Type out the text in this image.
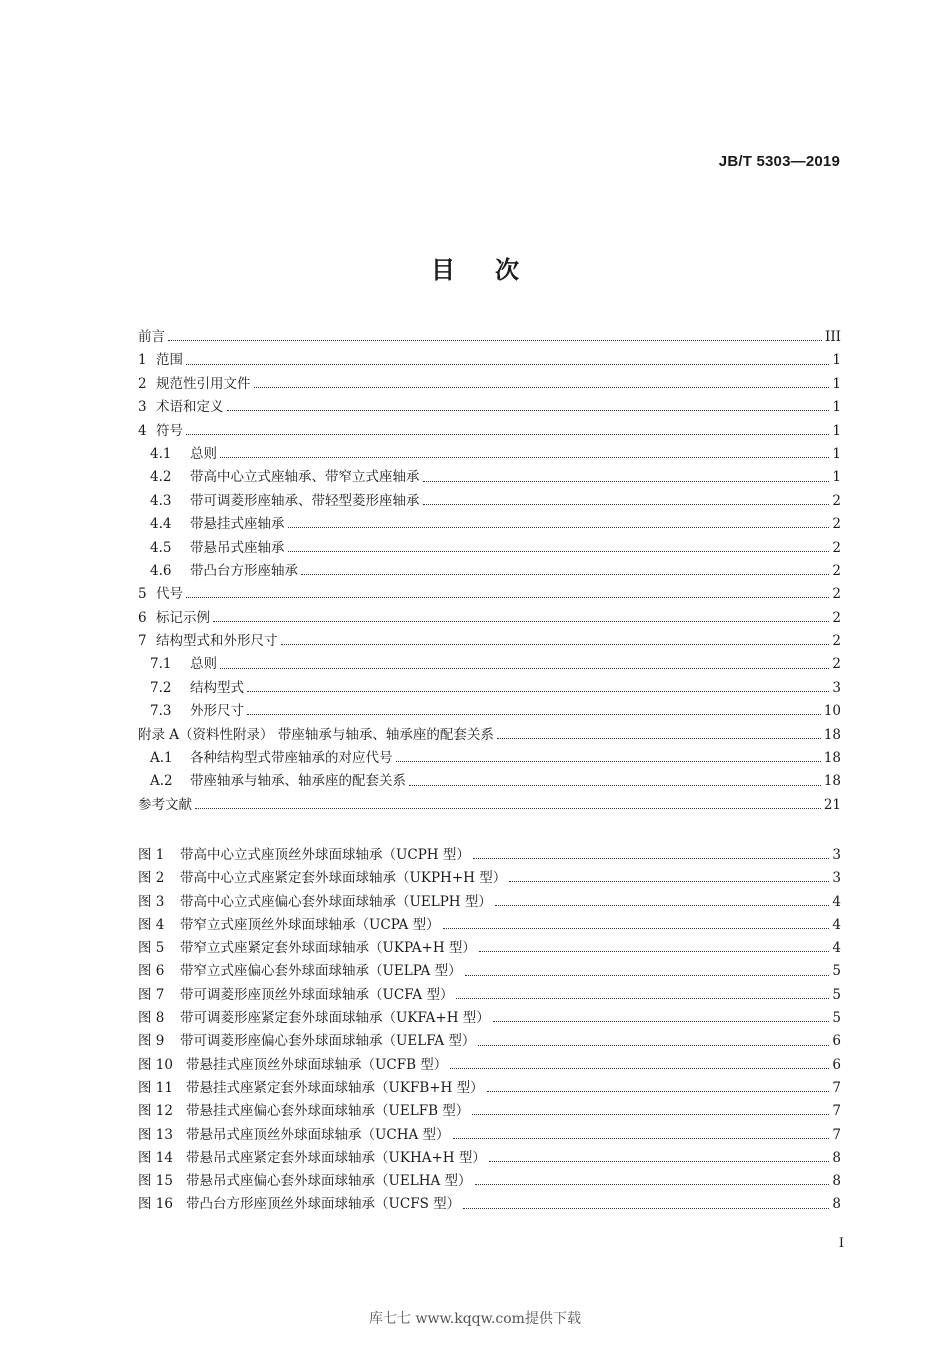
JB/T 5303—2019
目次
前言	III
1 范围	1
2 规范性引用文件	1
3 术语和定义	1
4 符号	1
4.1	总则	1
4.2	带高中心立式座轴承、带窄立式座轴承	1
4.3	带可调菱形座轴承、带轻型菱形座轴承	2
4.4	带悬挂式座轴承	2
4.5	带悬吊式座轴承	2
4.6	带凸台方形座轴承	2
5 代号	2
6 标记示例	2
7 结构型式和外形尺寸	2
7.1	总则	2
7.2	结构型式	3
7.3	外形尺寸	10
附录 A（资料性附录） 带座轴承与轴承、轴承座的配套关系	18
A.1	各种结构型式带座轴承的对应代号	18
A.2	带座轴承与轴承、轴承座的配套关系	18
参考文献	21
图 1	带高中心立式座顶丝外球面球轴承（UCPH 型）	3
图 2	带高中心立式座紧定套外球面球轴承（UKPH+H 型）	3
图 3	带高中心立式座偏心套外球面球轴承（UELPH 型）	4
图 4	带窄立式座顶丝外球面球轴承（UCPA 型）	4
图 5	带窄立式座紧定套外球面球轴承（UKPA+H 型）	4
图 6	带窄立式座偏心套外球面球轴承（UELPA 型）	5
图 7	带可调菱形座顶丝外球面球轴承（UCFA 型）	5
图 8	带可调菱形座紧定套外球面球轴承（UKFA+H 型）	5
图 9	带可调菱形座偏心套外球面球轴承（UELFA 型）	6
图 10 带悬挂式座顶丝外球面球轴承（UCFB 型）	6
图 11 带悬挂式座紧定套外球面球轴承（UKFB+H 型）	7
图 12 带悬挂式座偏心套外球面球轴承（UELFB 型）	7
图 13 带悬吊式座顶丝外球面球轴承（UCHA 型）	7
图 14 带悬吊式座紧定套外球面球轴承（UKHA+H 型）	8
图 15 带悬吊式座偏心套外球面球轴承（UELHA 型）	8
图 16 带凸台方形座顶丝外球面球轴承（UCFS 型）	8
I
库七七 www.kqqw.com提供下载
